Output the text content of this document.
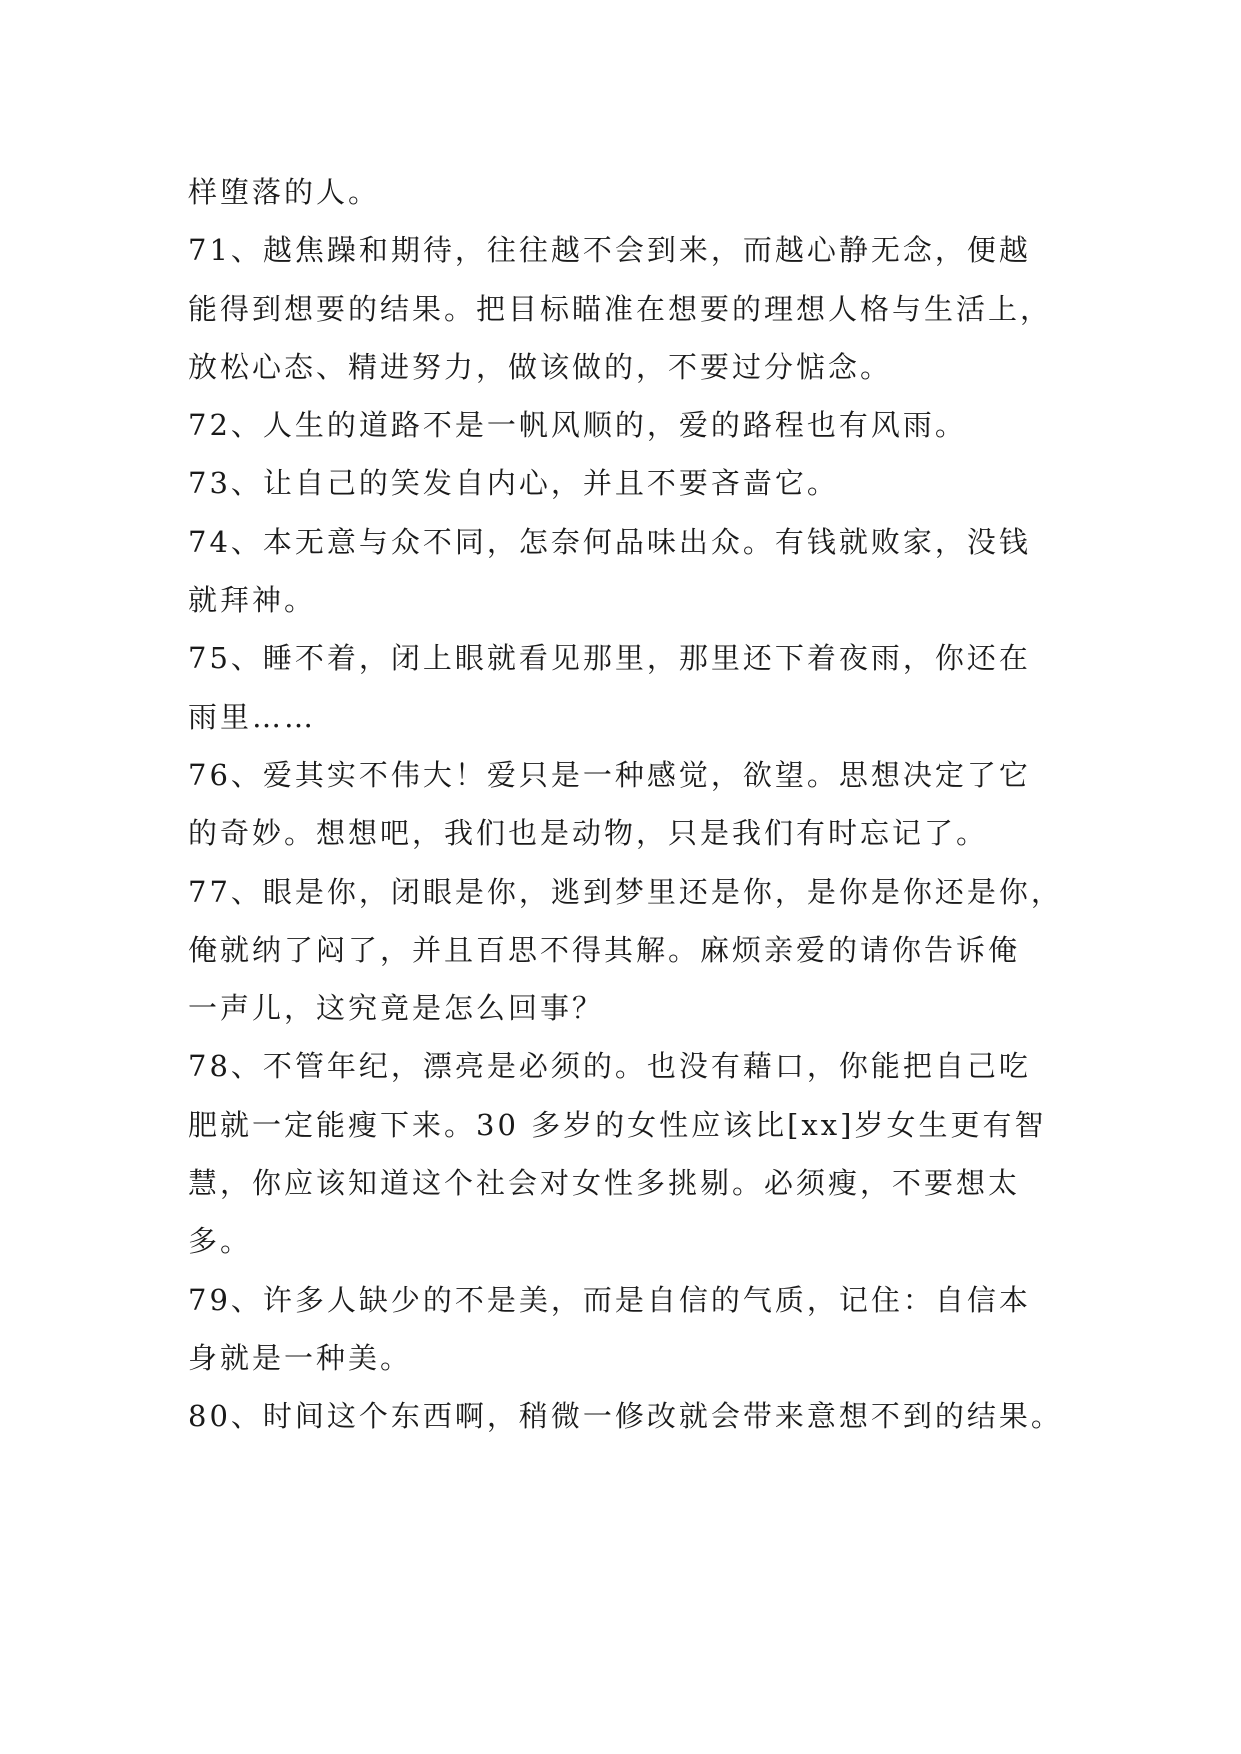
样堕落的人。
71、越焦躁和期待，往往越不会到来，而越心静无念，便越
能得到想要的结果。把目标瞄准在想要的理想人格与生活上，
放松心态、精进努力，做该做的，不要过分惦念。
72、人生的道路不是一帆风顺的，爱的路程也有风雨。
73、让自己的笑发自内心，并且不要吝啬它。
74、本无意与众不同，怎奈何品味出众。有钱就败家，没钱
就拜神。
75、睡不着，闭上眼就看见那里，那里还下着夜雨，你还在
雨里……
76、爱其实不伟大！爱只是一种感觉，欲望。思想决定了它
的奇妙。想想吧，我们也是动物，只是我们有时忘记了。
77、眼是你，闭眼是你，逃到梦里还是你，是你是你还是你，
俺就纳了闷了，并且百思不得其解。麻烦亲爱的请你告诉俺
一声儿，这究竟是怎么回事？
78、不管年纪，漂亮是必须的。也没有藉口，你能把自己吃
肥就一定能瘦下来。30 多岁的女性应该比[xx]岁女生更有智
慧，你应该知道这个社会对女性多挑剔。必须瘦，不要想太
多。
79、许多人缺少的不是美，而是自信的气质，记住：自信本
身就是一种美。
80、时间这个东西啊，稍微一修改就会带来意想不到的结果。
